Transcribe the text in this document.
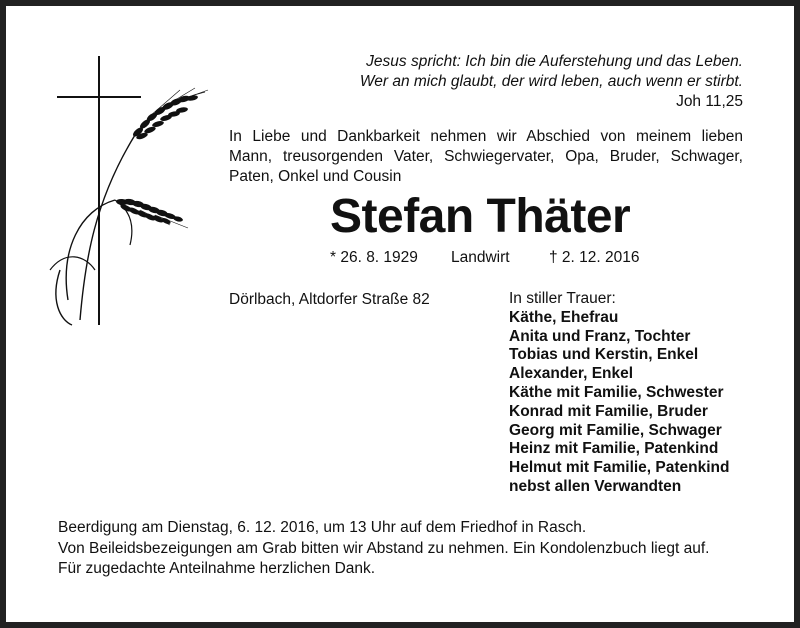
Jesus spricht: Ich bin die Auferstehung und das Leben.
Wer an mich glaubt, der wird leben, auch wenn er stirbt.
Joh 11,25
In Liebe und Dankbarkeit nehmen wir Abschied von meinem lieben
Mann, treusorgenden Vater, Schwiegervater, Opa, Bruder, Schwager,
Paten, Onkel und Cousin
Stefan Thäter
* 26. 8. 1929 Landwirt	† 2. 12. 2016
Dörlbach, Altdorfer Straße 82	In stiller Trauer:
Käthe, Ehefrau
Anita und Franz, Tochter
Tobias und Kerstin, Enkel
Alexander, Enkel
Käthe mit Familie, Schwester
Konrad mit Familie, Bruder
Georg mit Familie, Schwager
Heinz mit Familie, Patenkind
Helmut mit Familie, Patenkind
nebst allen Verwandten
Beerdigung am Dienstag, 6. 12. 2016, um 13 Uhr auf dem Friedhof in Rasch.
Von Beileidsbezeigungen am Grab bitten wir Abstand zu nehmen. Ein Kondolenzbuch liegt auf.
Für zugedachte Anteilnahme herzlichen Dank.
